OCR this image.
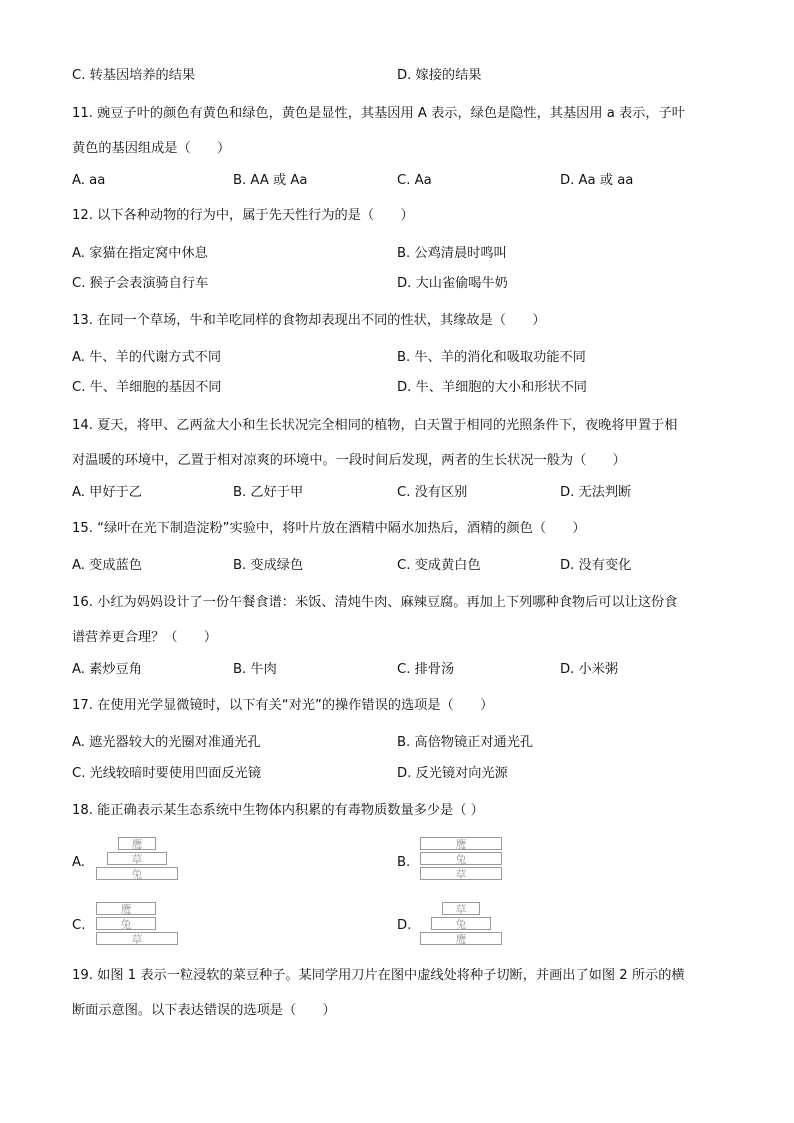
C. 转基因培养的结果	D. 嫁接的结果
11. 豌豆子叶的颜色有黄色和绿色，黄色是显性，其基因用 A 表示，绿色是隐性，其基因用 a 表示，子叶
黄色的基因组成是（　　）
A. aa	B. AA 或 Aa	C. Aa	D. Aa 或 aa
12. 以下各种动物的行为中，属于先天性行为的是（　　）
A. 家猫在指定窝中休息	B. 公鸡清晨时鸣叫
C. 猴子会表演骑自行车	D. 大山雀偷喝牛奶
13. 在同一个草场，牛和羊吃同样的食物却表现出不同的性状，其缘故是（　　）
A. 牛、羊的代谢方式不同	B. 牛、羊的消化和吸取功能不同
C. 牛、羊细胞的基因不同	D. 牛、羊细胞的大小和形状不同
14. 夏天，将甲、乙两盆大小和生长状况完全相同的植物，白天置于相同的光照条件下，夜晚将甲置于相
对温暖的环境中，乙置于相对凉爽的环境中。一段时间后发现，两者的生长状况一般为（　　）
A. 甲好于乙	B. 乙好于甲	C. 没有区别	D. 无法判断
15. “绿叶在光下制造淀粉”实验中，将叶片放在酒精中隔水加热后，酒精的颜色（　　）
A. 变成蓝色	B. 变成绿色	C. 变成黄白色	D. 没有变化
16. 小红为妈妈设计了一份午餐食谱：米饭、清炖牛肉、麻辣豆腐。再加上下列哪种食物后可以让这份食
谱营养更合理？（　　）
A. 素炒豆角	B. 牛肉	C. 排骨汤	D. 小米粥
17. 在使用光学显微镜时，以下有关“对光”的操作错误的选项是（　　）
A. 遮光器较大的光圈对准通光孔	B. 高倍物镜正对通光孔
C. 光线较暗时要使用凹面反光镜	D. 反光镜对向光源
18. 能正确表示某生态系统中生物体内积累的有毒物质数量多少是（ ）
A.
鹰
草
兔
B.
鹰
兔
草
C.
鹰
兔
草
D.
草
兔
鹰
19. 如图 1 表示一粒浸软的菜豆种子。某同学用刀片在图中虚线处将种子切断，并画出了如图 2 所示的横
断面示意图。以下表达错误的选项是（　　）
